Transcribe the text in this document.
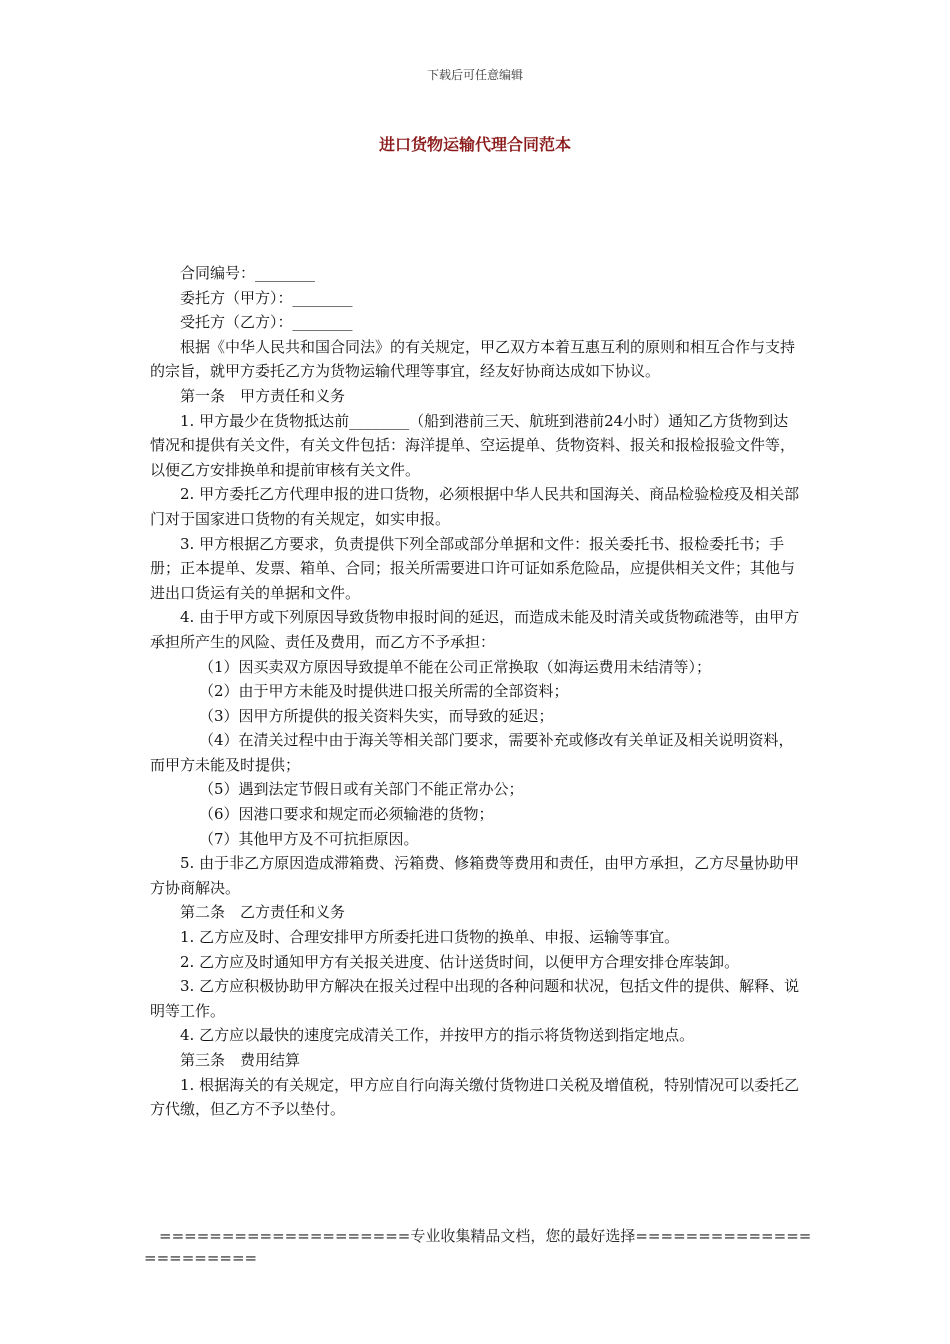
下载后可任意编辑
进口货物运输代理合同范本

合同编号：________

委托方（甲方）：________

受托方（乙方）：________

根据《中华人民共和国合同法》的有关规定，甲乙双方本着互惠互利的原则和相互合作与支持的宗旨，就甲方委托乙方为货物运输代理等事宜，经友好协商达成如下协议。

第一条　甲方责任和义务

1. 甲方最少在货物抵达前________（船到港前三天、航班到港前24小时）通知乙方货物到达情况和提供有关文件，有关文件包括：海洋提单、空运提单、货物资料、报关和报检报验文件等，以便乙方安排换单和提前审核有关文件。

2. 甲方委托乙方代理申报的进口货物，必须根据中华人民共和国海关、商品检验检疫及相关部门对于国家进口货物的有关规定，如实申报。

3. 甲方根据乙方要求，负责提供下列全部或部分单据和文件：报关委托书、报检委托书；手册；正本提单、发票、箱单、合同；报关所需要进口许可证如系危险品，应提供相关文件；其他与进出口货运有关的单据和文件。

4. 由于甲方或下列原因导致货物申报时间的延迟，而造成未能及时清关或货物疏港等，由甲方承担所产生的风险、责任及费用，而乙方不予承担：

（1）因买卖双方原因导致提单不能在公司正常换取（如海运费用未结清等）；

（2）由于甲方未能及时提供进口报关所需的全部资料；

（3）因甲方所提供的报关资料失实，而导致的延迟；

（4）在清关过程中由于海关等相关部门要求，需要补充或修改有关单证及相关说明资料，而甲方未能及时提供；

（5）遇到法定节假日或有关部门不能正常办公；

（6）因港口要求和规定而必须输港的货物；

（7）其他甲方及不可抗拒原因。

5. 由于非乙方原因造成滞箱费、污箱费、修箱费等费用和责任，由甲方承担，乙方尽量协助甲方协商解决。

第二条　乙方责任和义务

1. 乙方应及时、合理安排甲方所委托进口货物的换单、申报、运输等事宜。

2. 乙方应及时通知甲方有关报关进度、估计送货时间，以便甲方合理安排仓库装卸。

3. 乙方应积极协助甲方解决在报关过程中出现的各种问题和状况，包括文件的提供、解释、说明等工作。

4. 乙方应以最快的速度完成清关工作，并按甲方的指示将货物送到指定地点。

第三条　费用结算

1. 根据海关的有关规定，甲方应自行向海关缴付货物进口关税及增值税，特别情况可以委托乙方代缴，但乙方不予以垫付。

====================专业收集精品文档，您的最好选择=======================
